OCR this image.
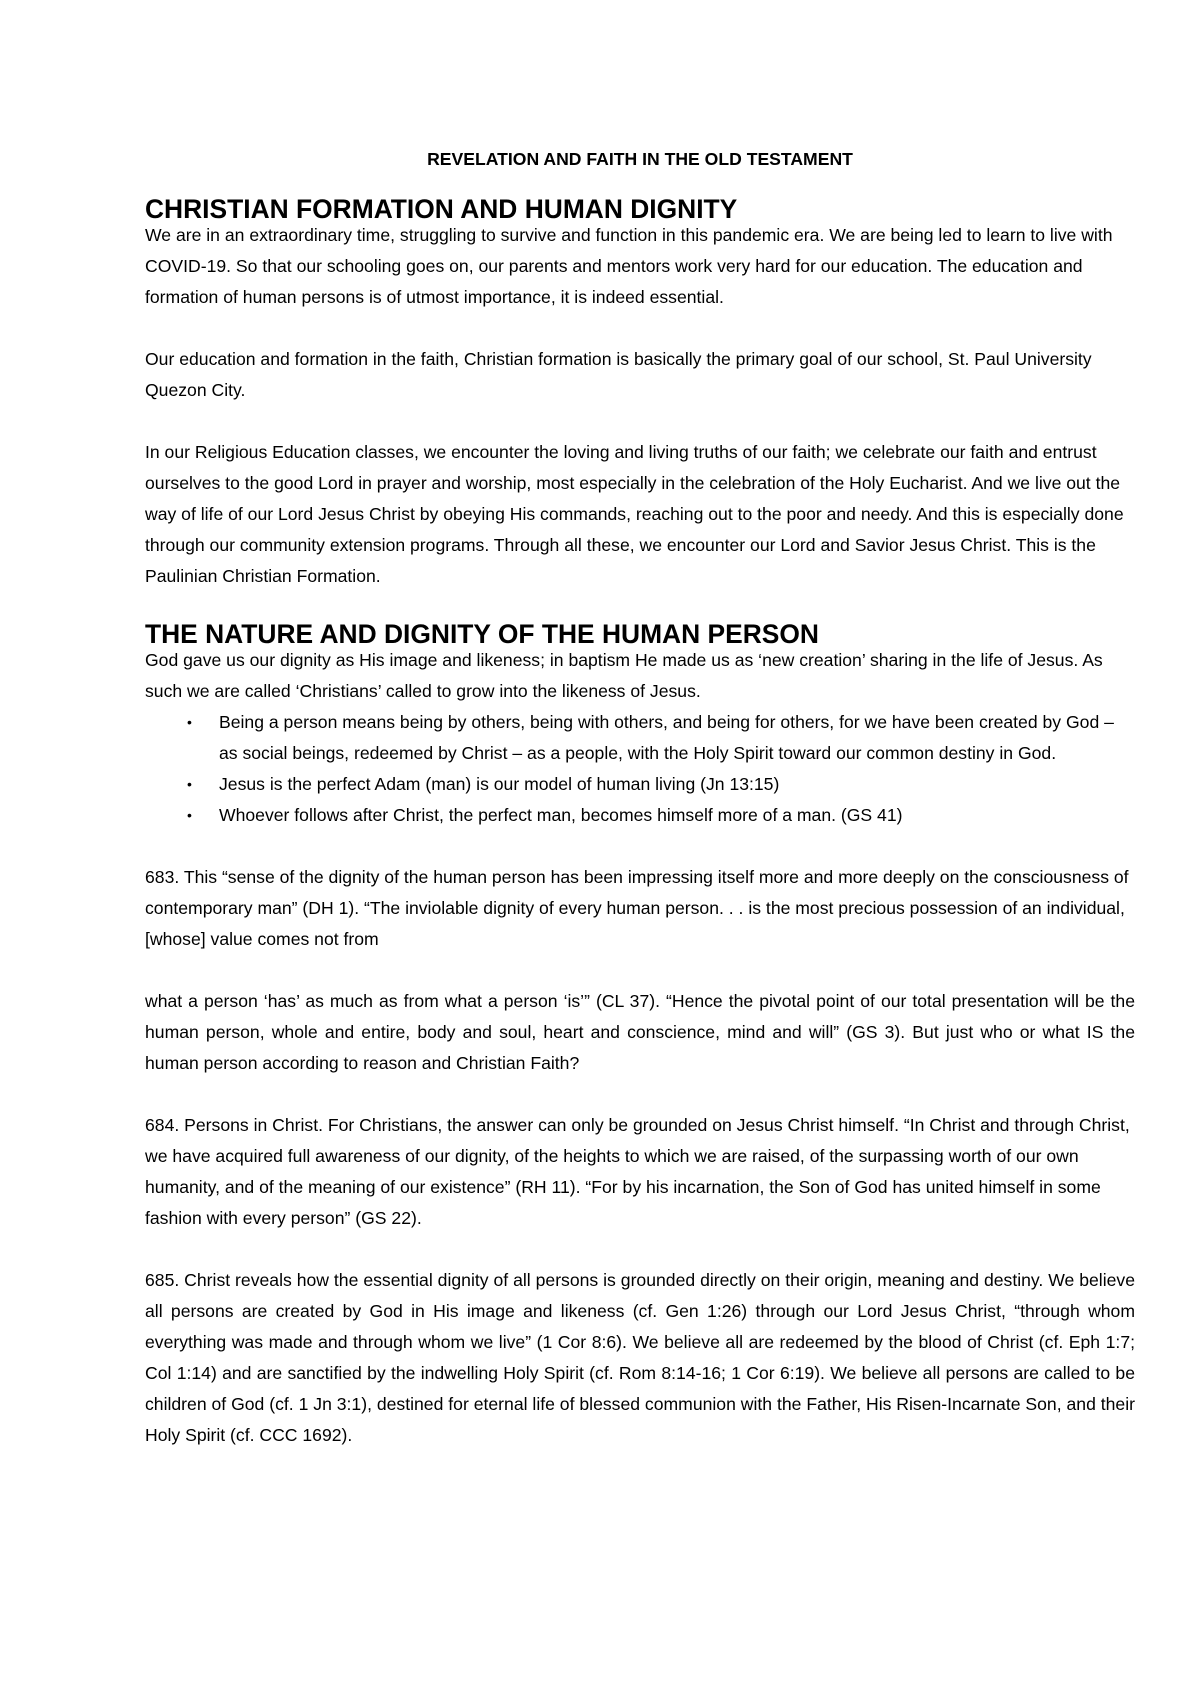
REVELATION AND FAITH IN THE OLD TESTAMENT
CHRISTIAN FORMATION AND HUMAN DIGNITY

We are in an extraordinary time, struggling to survive and function in this pandemic era. We are being led to learn to live with COVID-19. So that our schooling goes on, our parents and mentors work very hard for our education. The education and formation of human persons is of utmost importance, it is indeed essential.

Our education and formation in the faith, Christian formation is basically the primary goal of our school, St. Paul University Quezon City.

In our Religious Education classes, we encounter the loving and living truths of our faith; we celebrate our faith and entrust ourselves to the good Lord in prayer and worship, most especially in the celebration of the Holy Eucharist. And we live out the way of life of our Lord Jesus Christ by obeying His commands, reaching out to the poor and needy. And this is especially done through our community extension programs. Through all these, we encounter our Lord and Savior Jesus Christ. This is the Paulinian Christian Formation.

THE NATURE AND DIGNITY OF THE HUMAN PERSON

God gave us our dignity as His image and likeness; in baptism He made us as ‘new creation’ sharing in the life of Jesus. As such we are called ‘Christians’ called to grow into the likeness of Jesus.

• Being a person means being by others, being with others, and being for others, for we have been created by God – as social beings, redeemed by Christ – as a people, with the Holy Spirit toward our common destiny in God.
• Jesus is the perfect Adam (man) is our model of human living (Jn 13:15)
• Whoever follows after Christ, the perfect man, becomes himself more of a man. (GS 41)

683. This “sense of the dignity of the human person has been impressing itself more and more deeply on the consciousness of contemporary man” (DH 1). “The inviolable dignity of every human person. . . is the most precious possession of an individual, [whose] value comes not from

what a person ‘has’ as much as from what a person ‘is’” (CL 37). “Hence the pivotal point of our total presentation will be the human person, whole and entire, body and soul, heart and conscience, mind and will” (GS 3). But just who or what IS the human person according to reason and Christian Faith?

684. Persons in Christ. For Christians, the answer can only be grounded on Jesus Christ himself. “In Christ and through Christ, we have acquired full awareness of our dignity, of the heights to which we are raised, of the surpassing worth of our own humanity, and of the meaning of our existence” (RH 11). “For by his incarnation, the Son of God has united himself in some fashion with every person” (GS 22).

685. Christ reveals how the essential dignity of all persons is grounded directly on their origin, meaning and destiny. We believe all persons are created by God in His image and likeness (cf. Gen 1:26) through our Lord Jesus Christ, “through whom everything was made and through whom we live” (1 Cor 8:6). We believe all are redeemed by the blood of Christ (cf. Eph 1:7; Col 1:14) and are sanctified by the indwelling Holy Spirit (cf. Rom 8:14-16; 1 Cor 6:19). We believe all persons are called to be children of God (cf. 1 Jn 3:1), destined for eternal life of blessed communion with the Father, His Risen-Incarnate Son, and their Holy Spirit (cf. CCC 1692).
